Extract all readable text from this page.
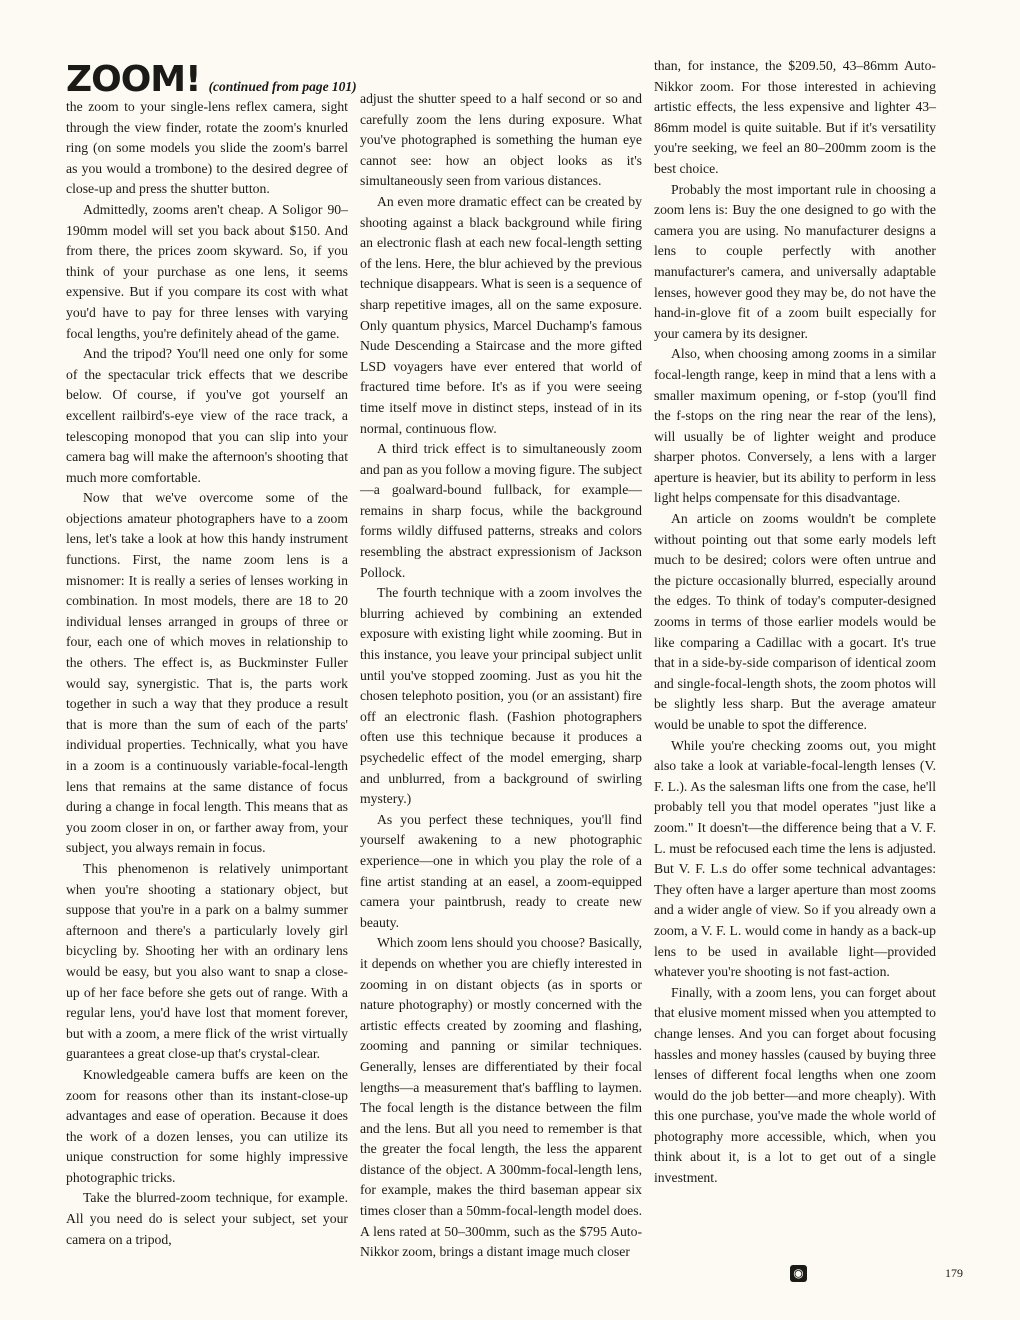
ZOOM! (continued from page 101)

the zoom to your single-lens reflex camera, sight through the view finder, rotate the zoom's knurled ring (on some models you slide the zoom's barrel as you would a trombone) to the desired degree of close-up and press the shutter button.

Admittedly, zooms aren't cheap. A Soligor 90–190mm model will set you back about $150. And from there, the prices zoom skyward. So, if you think of your purchase as one lens, it seems expensive. But if you compare its cost with what you'd have to pay for three lenses with varying focal lengths, you're definitely ahead of the game.

And the tripod? You'll need one only for some of the spectacular trick effects that we describe below. Of course, if you've got yourself an excellent railbird's-eye view of the race track, a telescoping monopod that you can slip into your camera bag will make the afternoon's shooting that much more comfortable.

Now that we've overcome some of the objections amateur photographers have to a zoom lens, let's take a look at how this handy instrument functions. First, the name zoom lens is a misnomer: It is really a series of lenses working in combination. In most models, there are 18 to 20 individual lenses arranged in groups of three or four, each one of which moves in relationship to the others. The effect is, as Buckminster Fuller would say, synergistic. That is, the parts work together in such a way that they produce a result that is more than the sum of each of the parts' individual properties. Technically, what you have in a zoom is a continuously variable-focal-length lens that remains at the same distance of focus during a change in focal length. This means that as you zoom closer in on, or farther away from, your subject, you always remain in focus.

This phenomenon is relatively unimportant when you're shooting a stationary object, but suppose that you're in a park on a balmy summer afternoon and there's a particularly lovely girl bicycling by. Shooting her with an ordinary lens would be easy, but you also want to snap a close-up of her face before she gets out of range. With a regular lens, you'd have lost that moment forever, but with a zoom, a mere flick of the wrist virtually guarantees a great close-up that's crystal-clear.

Knowledgeable camera buffs are keen on the zoom for reasons other than its instant-close-up advantages and ease of operation. Because it does the work of a dozen lenses, you can utilize its unique construction for some highly impressive photographic tricks.

Take the blurred-zoom technique, for example. All you need do is select your subject, set your camera on a tripod,

adjust the shutter speed to a half second or so and carefully zoom the lens during exposure. What you've photographed is something the human eye cannot see: how an object looks as it's simultaneously seen from various distances.

An even more dramatic effect can be created by shooting against a black background while firing an electronic flash at each new focal-length setting of the lens. Here, the blur achieved by the previous technique disappears. What is seen is a sequence of sharp repetitive images, all on the same exposure. Only quantum physics, Marcel Duchamp's famous Nude Descending a Staircase and the more gifted LSD voyagers have ever entered that world of fractured time before. It's as if you were seeing time itself move in distinct steps, instead of in its normal, continuous flow.

A third trick effect is to simultaneously zoom and pan as you follow a moving figure. The subject—a goalward-bound fullback, for example—remains in sharp focus, while the background forms wildly diffused patterns, streaks and colors resembling the abstract expressionism of Jackson Pollock.

The fourth technique with a zoom involves the blurring achieved by combining an extended exposure with existing light while zooming. But in this instance, you leave your principal subject unlit until you've stopped zooming. Just as you hit the chosen telephoto position, you (or an assistant) fire off an electronic flash. (Fashion photographers often use this technique because it produces a psychedelic effect of the model emerging, sharp and unblurred, from a background of swirling mystery.)

As you perfect these techniques, you'll find yourself awakening to a new photographic experience—one in which you play the role of a fine artist standing at an easel, a zoom-equipped camera your paintbrush, ready to create new beauty.

Which zoom lens should you choose? Basically, it depends on whether you are chiefly interested in zooming in on distant objects (as in sports or nature photography) or mostly concerned with the artistic effects created by zooming and flashing, zooming and panning or similar techniques. Generally, lenses are differentiated by their focal lengths—a measurement that's baffling to laymen. The focal length is the distance between the film and the lens. But all you need to remember is that the greater the focal length, the less the apparent distance of the object. A 300mm-focal-length lens, for example, makes the third baseman appear six times closer than a 50mm-focal-length model does. A lens rated at 50–300mm, such as the $795 Auto-Nikkor zoom, brings a distant image much closer

than, for instance, the $209.50, 43–86mm Auto-Nikkor zoom. For those interested in achieving artistic effects, the less expensive and lighter 43–86mm model is quite suitable. But if it's versatility you're seeking, we feel an 80–200mm zoom is the best choice.

Probably the most important rule in choosing a zoom lens is: Buy the one designed to go with the camera you are using. No manufacturer designs a lens to couple perfectly with another manufacturer's camera, and universally adaptable lenses, however good they may be, do not have the hand-in-glove fit of a zoom built especially for your camera by its designer.

Also, when choosing among zooms in a similar focal-length range, keep in mind that a lens with a smaller maximum opening, or f-stop (you'll find the f-stops on the ring near the rear of the lens), will usually be of lighter weight and produce sharper photos. Conversely, a lens with a larger aperture is heavier, but its ability to perform in less light helps compensate for this disadvantage.

An article on zooms wouldn't be complete without pointing out that some early models left much to be desired; colors were often untrue and the picture occasionally blurred, especially around the edges. To think of today's computer-designed zooms in terms of those earlier models would be like comparing a Cadillac with a gocart. It's true that in a side-by-side comparison of identical zoom and single-focal-length shots, the zoom photos will be slightly less sharp. But the average amateur would be unable to spot the difference.

While you're checking zooms out, you might also take a look at variable-focal-length lenses (V. F. L.). As the salesman lifts one from the case, he'll probably tell you that model operates "just like a zoom." It doesn't—the difference being that a V. F. L. must be refocused each time the lens is adjusted. But V. F. L.s do offer some technical advantages: They often have a larger aperture than most zooms and a wider angle of view. So if you already own a zoom, a V. F. L. would come in handy as a back-up lens to be used in available light—provided whatever you're shooting is not fast-action.

Finally, with a zoom lens, you can forget about that elusive moment missed when you attempted to change lenses. And you can forget about focusing hassles and money hassles (caused by buying three lenses of different focal lengths when one zoom would do the job better—and more cheaply). With this one purchase, you've made the whole world of photography more accessible, which, when you think about it, is a lot to get out of a single investment.

◉	179
